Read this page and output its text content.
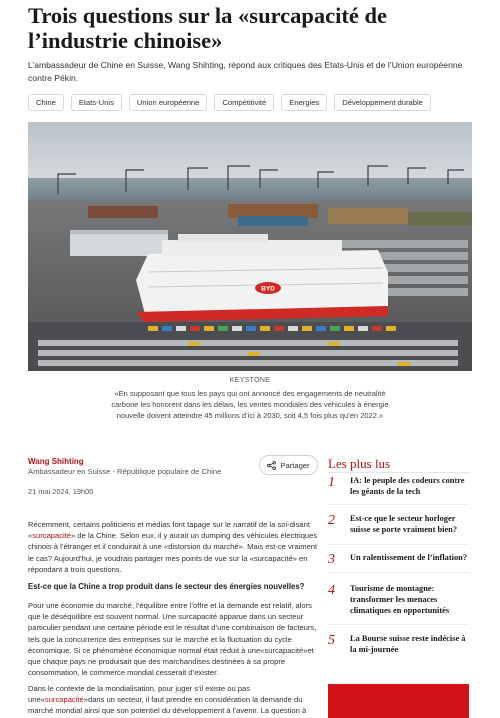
Trois questions sur la «surcapacité de l’industrie chinoise»

L’ambassadeur de Chine en Suisse, Wang Shihting, répond aux critiques des Etats-Unis et de l’Union européenne contre Pékin.

Chine	Etats-Unis	Union européenne	Compétitivité	Energies	Développement durable
BYD
KEYSTONE
«En supposant que tous les pays qui ont annoncé des engagements de neutralité carbone les honorent dans les délais, les ventes mondiales des véhicules à énergie nouvelle doivent atteindre 45 millions d’ici à 2030, soit 4,5 fois plus qu’en 2022.»
Wang Shihting
Ambassadeur en Suisse - République populaire de Chine
Partager
21 mai 2024, 19h00

Récemment, certains politiciens et médias font tapage sur le narratif de la soi-disant «surcapacité» de la Chine. Selon eux, il y aurait un dumping des véhicules électriques chinois à l’étranger et il conduirait à une «distorsion du marché». Mais est-ce vraiment le cas? Aujourd’hui, je voudrais partager mes points de vue sur la «surcapacité» en répondant à trois questions.

Est-ce que la Chine a trop produit dans le secteur des énergies nouvelles?

Pour une économie du marché, l’équilibre entre l’offre et la demande est relatif, alors que le déséquilibre est souvent normal. Une surcapacité apparue dans un secteur particulier pendant une certaine période est le résultat d’une combinaison de facteurs, tels que la concurrence des entreprises sur le marché et la fluctuation du cycle économique. Si ce phénomène économique normal était réduit à une«surcapacité»et que chaque pays ne produisait que des marchandises destinées à sa propre consommation, le commerce mondial cesserait d’exister.

Dans le contexte de la mondialisation, pour juger s’il existe ou pas une«surcapacité»dans un secteur, il faut prendre en considération la demande du marché mondial ainsi que son potentiel du développement à l’avenir. La question à

Les plus lus
1	IA: le peuple des codeurs contre les géants de la tech
2	Est-ce que le secteur horloger suisse se porte vraiment bien?
3	Un ralentissement de l’inflation?
4	Tourisme de montagne: transformer les menaces climatiques en opportunités
5	La Bourse suisse reste indécise à la mi-journée
